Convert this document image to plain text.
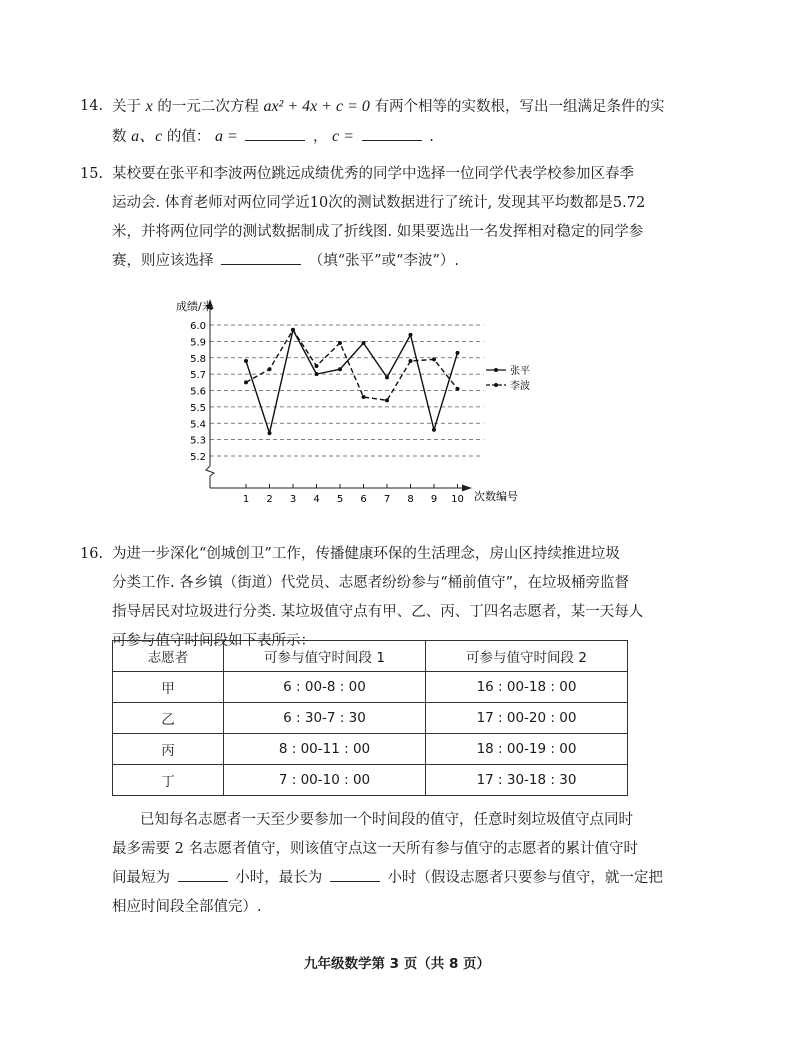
14. 关于 x 的一元二次方程 ax² + 4x + c = 0 有两个相等的实数根，写出一组满足条件的实
数 a、c 的值： a =	， c =	.
15. 某校要在张平和李波两位跳远成绩优秀的同学中选择一位同学代表学校参加区春季
运动会. 体育老师对两位同学近10次的测试数据进行了统计, 发现其平均数都是5.72
米，并将两位同学的测试数据制成了折线图. 如果要选出一名发挥相对稳定的同学参
赛，则应该选择	（填“张平”或“李波”）.
5.2
5.3
5.4
5.5
5.6
5.7
5.8
5.9
6.0
1 2 3 4 5 6 7 8 9 10
张平
李波
成绩/米
次数编号
16. 为进一步深化“创城创卫”工作，传播健康环保的生活理念，房山区持续推进垃圾
分类工作. 各乡镇（街道）代党员、志愿者纷纷参与“桶前值守”，在垃圾桶旁监督
指导居民对垃圾进行分类. 某垃圾值守点有甲、乙、丙、丁四名志愿者，某一天每人
可参与值守时间段如下表所示：
志愿者	可参与值守时间段 1	可参与值守时间段 2
甲	6 : 00-8 : 00	16 : 00-18 : 00
乙	6 : 30-7 : 30	17 : 00-20 : 00
丙	8 : 00-11 : 00	18 : 00-19 : 00
丁	7 : 00-10 : 00	17 : 30-18 : 30
已知每名志愿者一天至少要参加一个时间段的值守，任意时刻垃圾值守点同时
最多需要 2 名志愿者值守，则该值守点这一天所有参与值守的志愿者的累计值守时
间最短为	小时，最长为	小时（假设志愿者只要参与值守，就一定把
相应时间段全部值完）.
九年级数学第 3 页（共 8 页）
